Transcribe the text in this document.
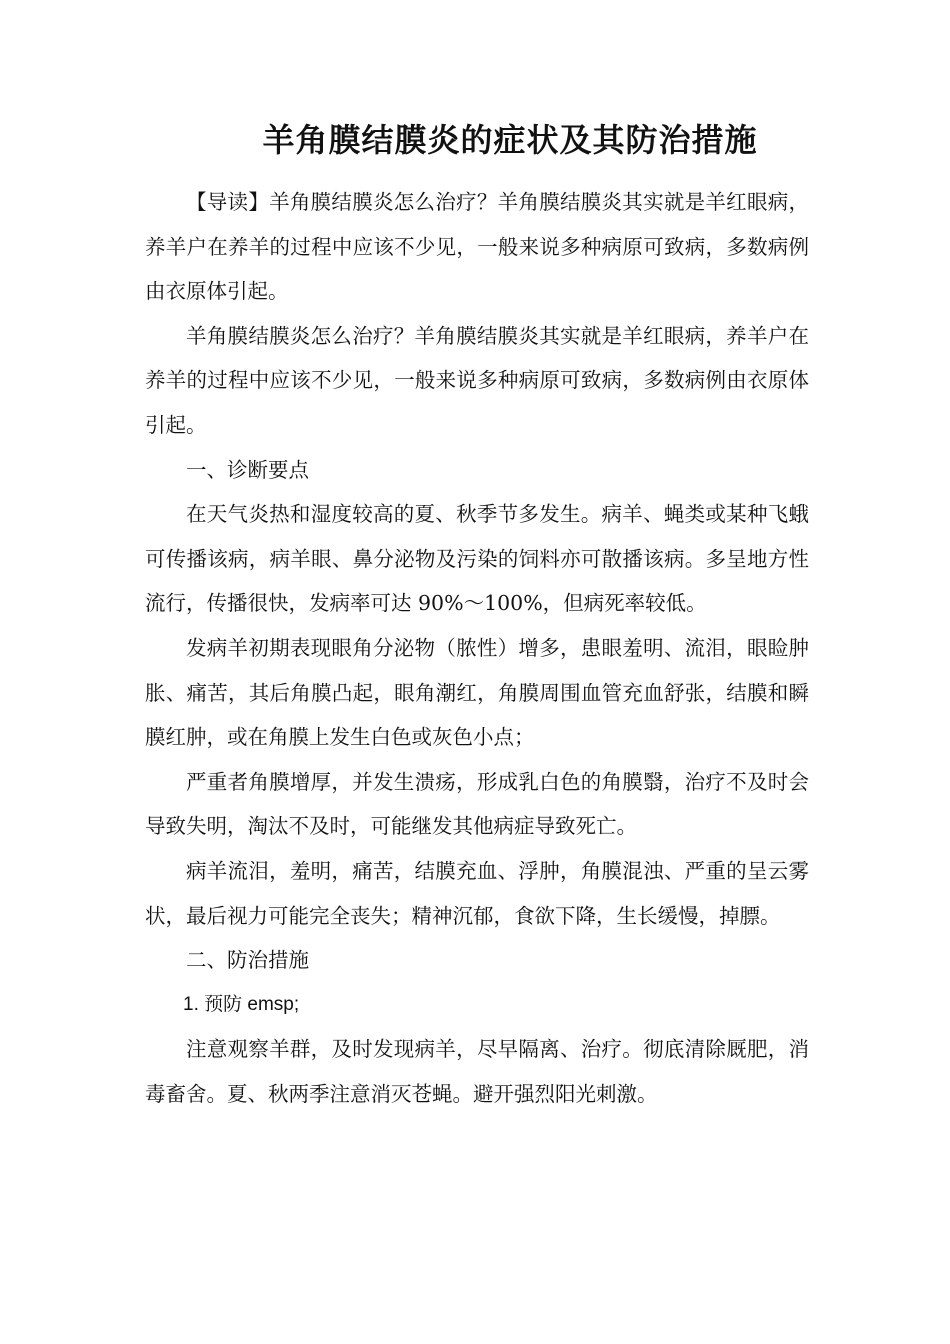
羊角膜结膜炎的症状及其防治措施

【导读】羊角膜结膜炎怎么治疗？羊角膜结膜炎其实就是羊红眼病，养羊户在养羊的过程中应该不少见，一般来说多种病原可致病，多数病例由衣原体引起。

羊角膜结膜炎怎么治疗？羊角膜结膜炎其实就是羊红眼病，养羊户在养羊的过程中应该不少见，一般来说多种病原可致病，多数病例由衣原体引起。

一、诊断要点

在天气炎热和湿度较高的夏、秋季节多发生。病羊、蝇类或某种飞蛾可传播该病，病羊眼、鼻分泌物及污染的饲料亦可散播该病。多呈地方性流行，传播很快，发病率可达 90%～100%，但病死率较低。

发病羊初期表现眼角分泌物（脓性）增多，患眼羞明、流泪，眼睑肿胀、痛苦，其后角膜凸起，眼角潮红，角膜周围血管充血舒张，结膜和瞬膜红肿，或在角膜上发生白色或灰色小点；

严重者角膜增厚，并发生溃疡，形成乳白色的角膜翳，治疗不及时会导致失明，淘汰不及时，可能继发其他病症导致死亡。

病羊流泪，羞明，痛苦，结膜充血、浮肿，角膜混浊、严重的呈云雾状，最后视力可能完全丧失；精神沉郁，食欲下降，生长缓慢，掉膘。

二、防治措施

1. 预防 emsp;

注意观察羊群，及时发现病羊，尽早隔离、治疗。彻底清除厩肥，消毒畜舍。夏、秋两季注意消灭苍蝇。避开强烈阳光刺激。
